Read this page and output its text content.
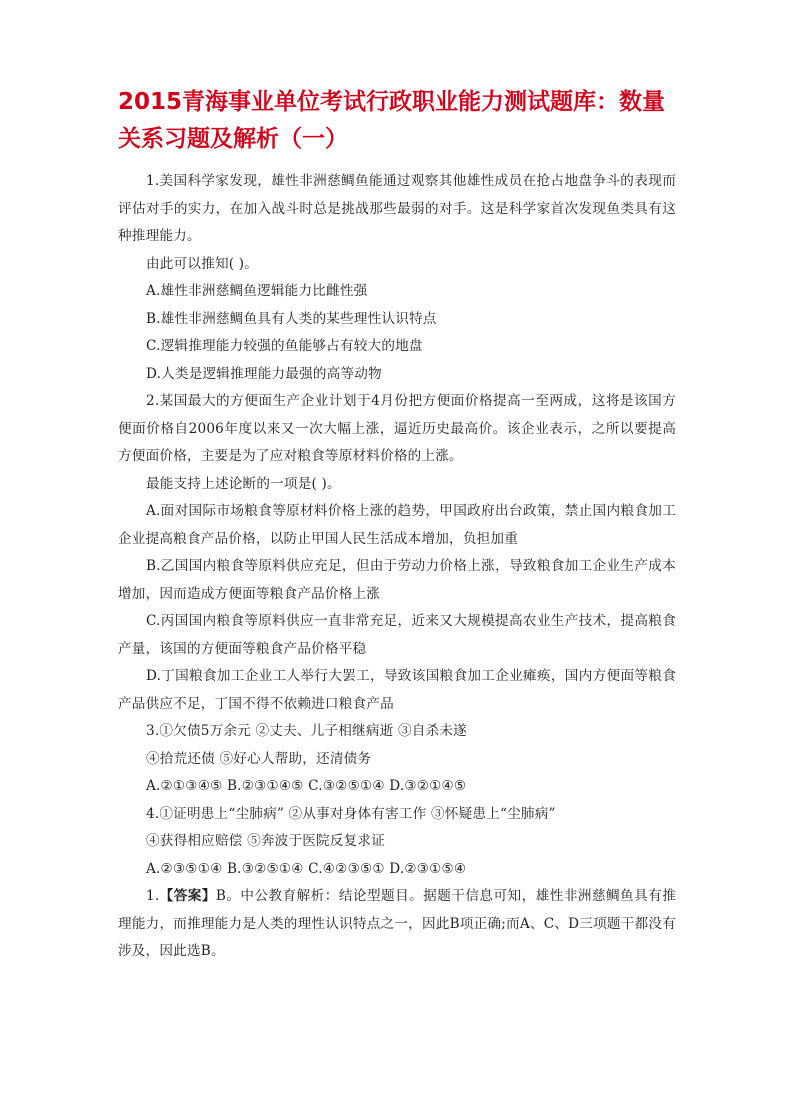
2015青海事业单位考试行政职业能力测试题库：数量关系习题及解析（一）

1.美国科学家发现，雄性非洲慈鲷鱼能通过观察其他雄性成员在抢占地盘争斗的表现而评估对手的实力，在加入战斗时总是挑战那些最弱的对手。这是科学家首次发现鱼类具有这种推理能力。

由此可以推知( )。

A.雄性非洲慈鲷鱼逻辑能力比雌性强

B.雄性非洲慈鲷鱼具有人类的某些理性认识特点

C.逻辑推理能力较强的鱼能够占有较大的地盘

D.人类是逻辑推理能力最强的高等动物

2.某国最大的方便面生产企业计划于4月份把方便面价格提高一至两成，这将是该国方便面价格自2006年度以来又一次大幅上涨，逼近历史最高价。该企业表示，之所以要提高方便面价格，主要是为了应对粮食等原材料价格的上涨。

最能支持上述论断的一项是( )。

A.面对国际市场粮食等原材料价格上涨的趋势，甲国政府出台政策，禁止国内粮食加工企业提高粮食产品价格，以防止甲国人民生活成本增加，负担加重

B.乙国国内粮食等原料供应充足，但由于劳动力价格上涨，导致粮食加工企业生产成本增加，因而造成方便面等粮食产品价格上涨

C.丙国国内粮食等原料供应一直非常充足，近来又大规模提高农业生产技术，提高粮食产量，该国的方便面等粮食产品价格平稳

D.丁国粮食加工企业工人举行大罢工，导致该国粮食加工企业瘫痪，国内方便面等粮食产品供应不足，丁国不得不依赖进口粮食产品

3.①欠债5万余元 ②丈夫、儿子相继病逝 ③自杀未遂

④拾荒还债 ⑤好心人帮助，还清债务

A.②①③④⑤ B.②③①④⑤ C.③②⑤①④ D.③②①④⑤

4.①证明患上“尘肺病” ②从事对身体有害工作 ③怀疑患上“尘肺病”

④获得相应赔偿 ⑤奔波于医院反复求证

A.②③⑤①④ B.③②⑤①④ C.④②③⑤① D.②③①⑤④

1.【答案】B。中公教育解析：结论型题目。据题干信息可知，雄性非洲慈鲷鱼具有推理能力，而推理能力是人类的理性认识特点之一，因此B项正确;而A、C、D三项题干都没有涉及，因此选B。
